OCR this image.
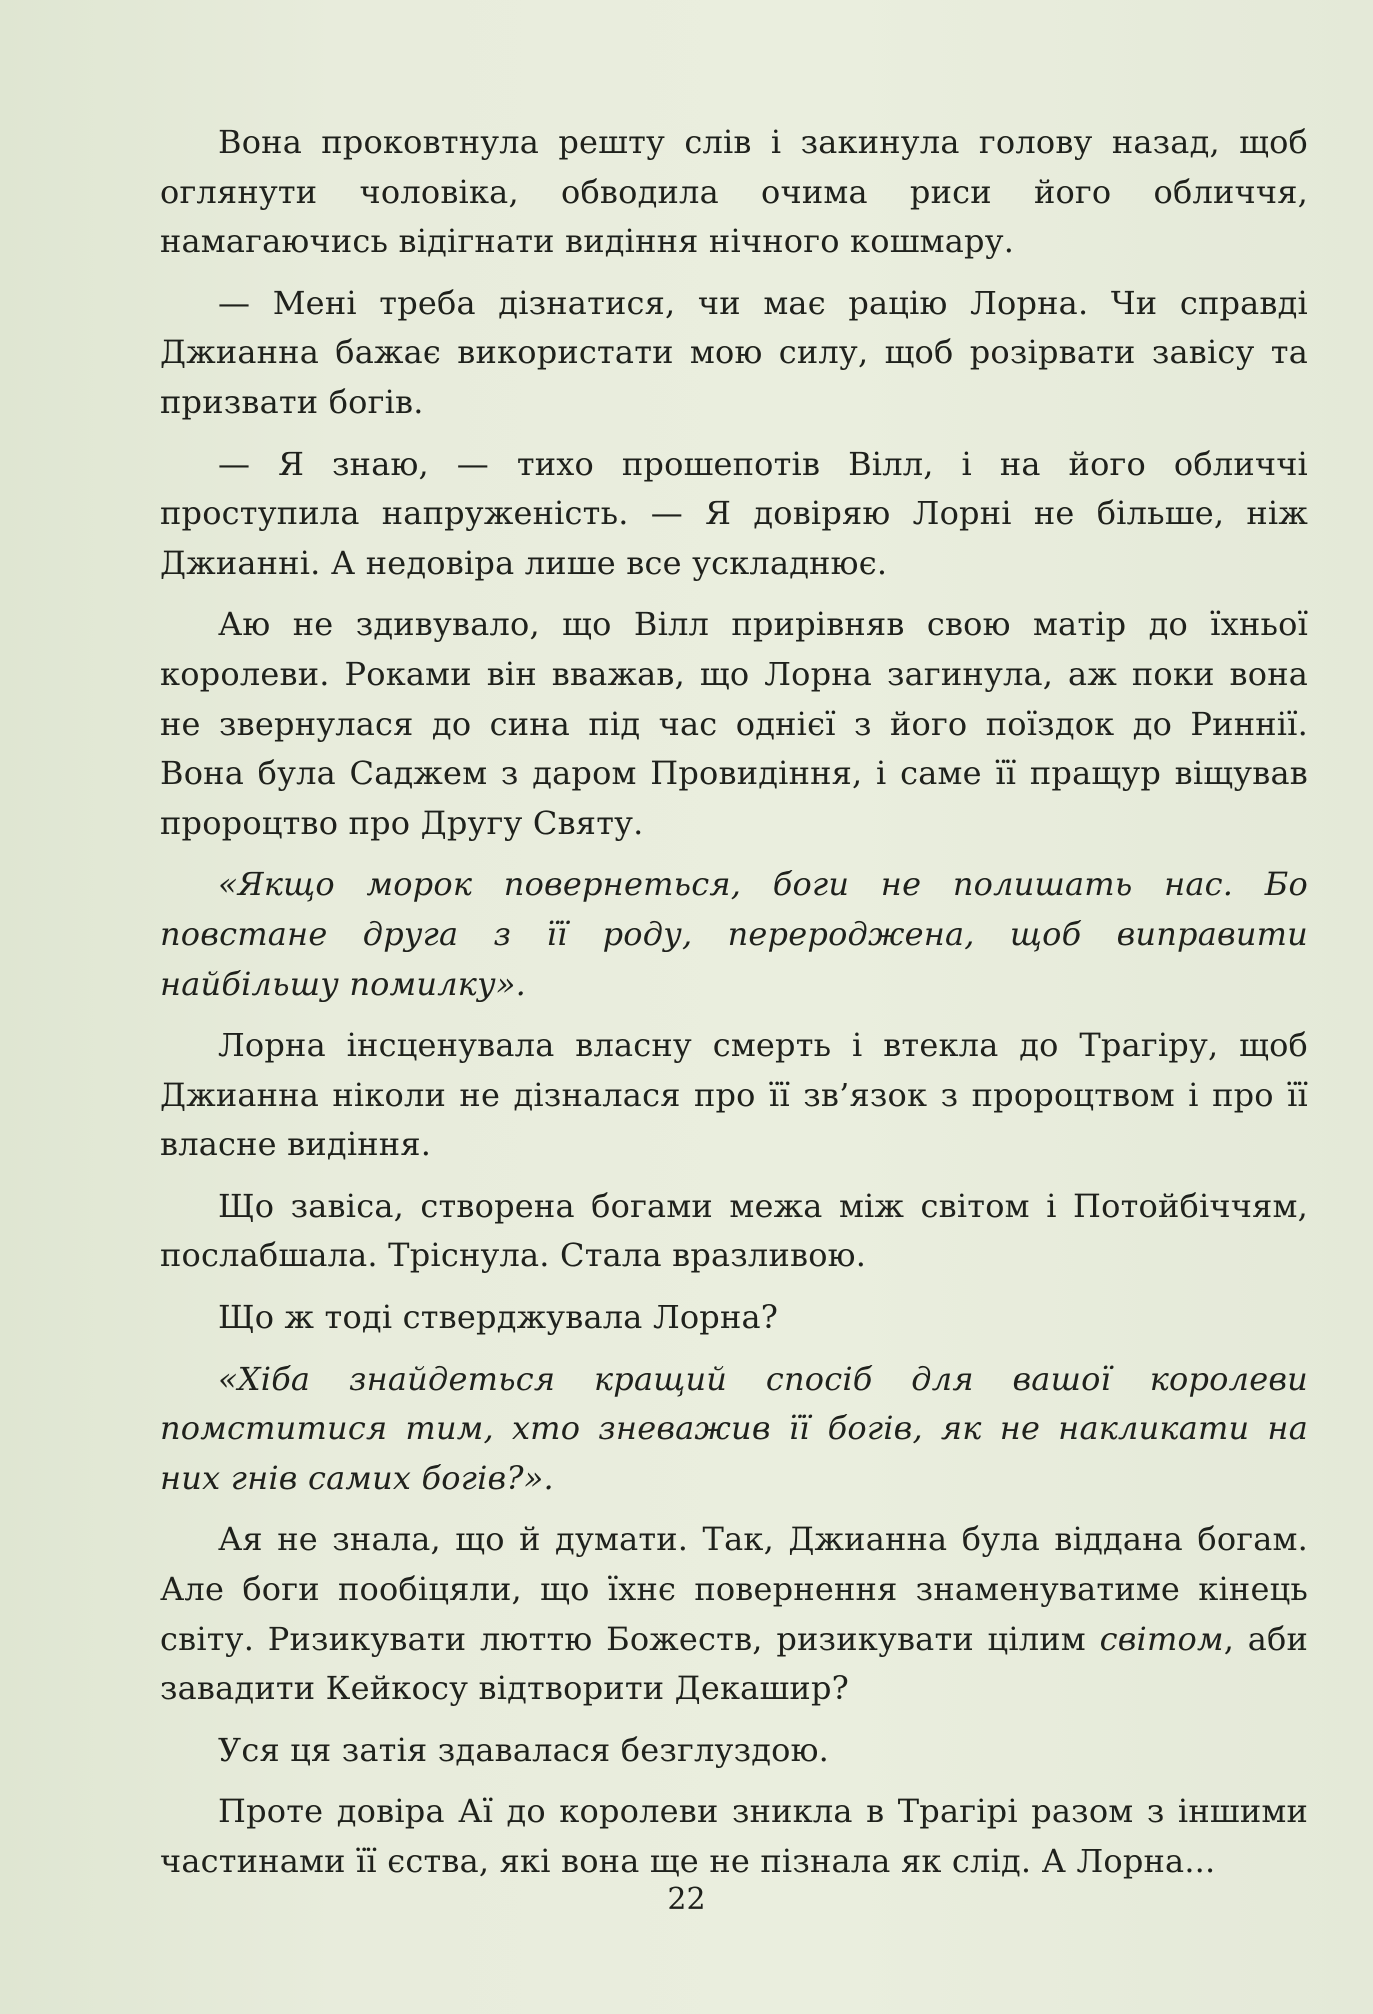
Вона проковтнула решту слів і закинула голову назад, щоб оглянути чоловіка, обводила очима риси його обличчя, намагаючись відігнати видіння нічного кошмару.

— Мені треба дізнатися, чи має рацію Лорна. Чи справді Джианна бажає використати мою силу, щоб розірвати завісу та призвати богів.

— Я знаю, — тихо прошепотів Вілл, і на його обличчі проступила напруженість. — Я довіряю Лорні не більше, ніж Джианні. А недовіра лише все ускладнює.

Аю не здивувало, що Вілл прирівняв свою матір до їхньої королеви. Роками він вважав, що Лорна загинула, аж поки вона не звернулася до сина під час однієї з його поїздок до Риннії. Вона була Саджем з даром Провидіння, і саме її пращур віщував пророцтво про Другу Святу.

«Якщо морок повернеться, боги не полишать нас. Бо повстане друга з її роду, перероджена, щоб виправити найбільшу помилку».

Лорна інсценувала власну смерть і втекла до Трагіру, щоб Джианна ніколи не дізналася про її зв’язок з пророцтвом і про її власне видіння.

Що завіса, створена богами межа між світом і Потойбіччям, послабшала. Тріснула. Стала вразливою.

Що ж тоді стверджувала Лорна?

«Хіба знайдеться кращий спосіб для вашої королеви помститися тим, хто зневажив її богів, як не накликати на них гнів самих богів?».

Ая не знала, що й думати. Так, Джианна була віддана богам. Але боги пообіцяли, що їхнє повернення знаменуватиме кінець світу. Ризикувати люттю Божеств, ризикувати цілим світом, аби завадити Кейкосу відтворити Декашир?

Уся ця затія здавалася безглуздою.

Проте довіра Аї до королеви зникла в Трагірі разом з іншими частинами її єства, які вона ще не пізнала як слід. А Лорна...

22
